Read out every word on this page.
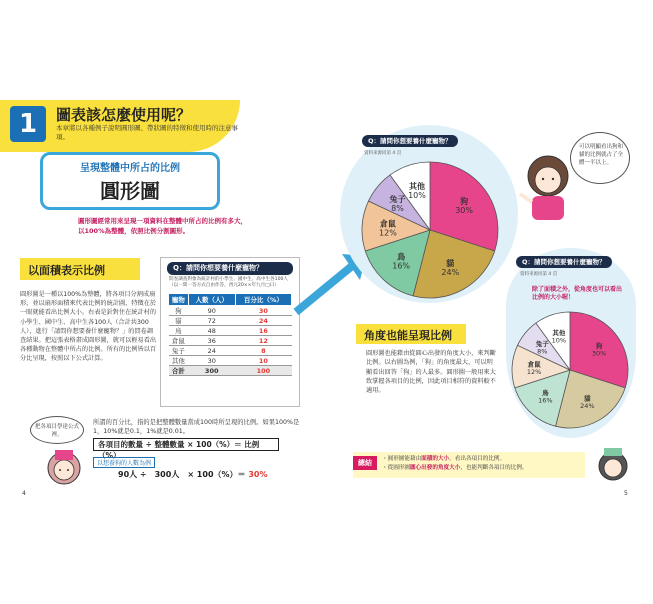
1	圖表該怎麼使用呢？
本章將以各種例子說明圓形圖、帶狀圖的特徵和使用時的注意事項。
呈現整體中所占的比例
圓形圖
圓形圖經常用來呈現一項資料在整體中所占的比例有多大，以100%為整體，依照比例分割圓形。
以面積表示比例
圓形圖是一種以100%為整體，將各項目分割成扇形，並以扇形面積來代表比例的統計圖，特徵在於一眼就能看出比例大小。右表是針對住在統計村的小學生、國中生、高中生各100人（合計共300人），進行「請問你想要養什麼寵物？」的問卷調查結果。把這張表格畫成圓形圖，就可以輕易看出各種動物在整體中所占的比例。所有的比例皆以百分比呈現，按照以下公式計算。
Q：請問你想要養什麼寵物？
問卷調查對象為統計村的小學生、國中生、高中生各100人（以一間一答方式自由作答，西元20××年九月□日）
寵物	人數（人）	百分比（%）
狗	90	30
貓	72	24
鳥	48	16
倉鼠	36	12
兔子	24	8
其他	30	10
合計	300	100
把各項目學達公式裡。
所謂的百分比，指的是把整體數量當成100時所呈現的比例。如果100%是1，10%就是0.1，1%就是0.01。
各項目的數量 ÷ 整體數量 × 100（%）＝ 比例（%）
以想養狗的人數為例
90人 ÷　300人　× 100（%）＝ 30%
4
Q：請問你想要養什麼寵物？
資料來源同第 4 頁
狗
30%
貓
24%
鳥
16%
倉鼠
12%
兔子
8%
其他
10%
可以明顯看出狗和貓的比例就占了全體一半以上。
角度也能呈現比例
圓形圖也能藉由從圓心出發的角度大小，來判斷比例。以右圖為例，「狗」的角度最大，可以明顯看出回答「狗」的人最多。圓形圖一般用來大致掌握各項目的比例，因此項目相符的資料較不適用。
Q：請問你想要養什麼寵物？
資料來源同第 4 頁
除了面積之外，從角度也可以看出比例的大小喔！
狗
30%
貓
24%
鳥
16%
倉鼠
12%
兔子
8%
其他
10%
總結	・圓形圖能藉由面積的大小，看出各項目的比例。
・從圓形圖圓心出發的角度大小，也能判斷各項目的比例。
5
